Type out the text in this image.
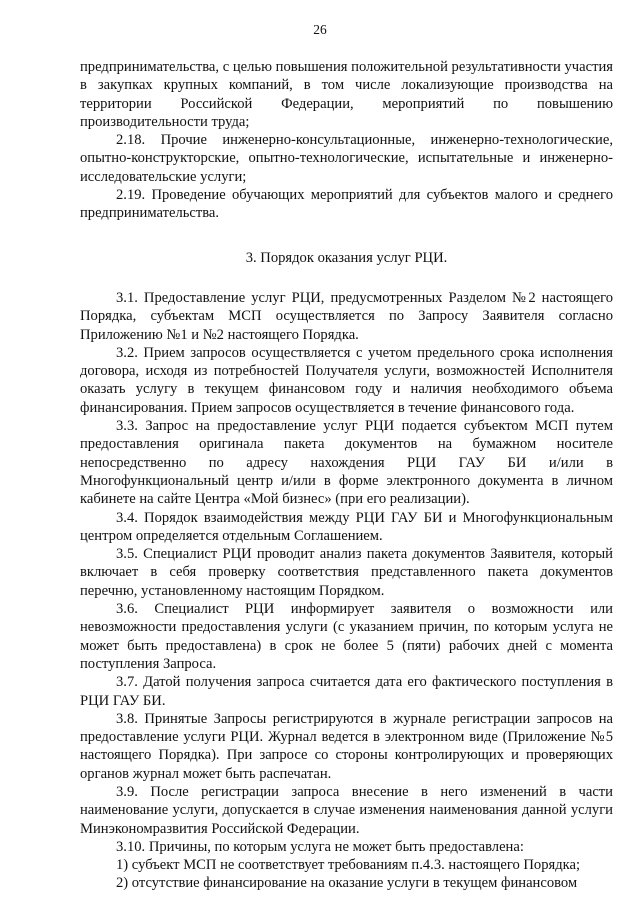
26

предпринимательства, с целью повышения положительной результативности участия в закупках крупных компаний, в том числе локализующие производства на территории Российской Федерации, мероприятий по повышению производительности труда;

2.18. Прочие инженерно-консультационные, инженерно-технологические, опытно-конструкторские, опытно-технологические, испытательные и инженерно-исследовательские услуги;

2.19. Проведение обучающих мероприятий для субъектов малого и среднего предпринимательства.

3. Порядок оказания услуг РЦИ.

3.1. Предоставление услуг РЦИ, предусмотренных Разделом №2 настоящего Порядка, субъектам МСП осуществляется по Запросу Заявителя согласно Приложению №1 и №2 настоящего Порядка.

3.2. Прием запросов осуществляется с учетом предельного срока исполнения договора, исходя из потребностей Получателя услуги, возможностей Исполнителя оказать услугу в текущем финансовом году и наличия необходимого объема финансирования. Прием запросов осуществляется в течение финансового года.

3.3. Запрос на предоставление услуг РЦИ подается субъектом МСП путем предоставления оригинала пакета документов на бумажном носителе непосредственно по адресу нахождения РЦИ ГАУ БИ и/или в Многофункциональный центр и/или в форме электронного документа в личном кабинете на сайте Центра «Мой бизнес» (при его реализации).

3.4. Порядок взаимодействия между РЦИ ГАУ БИ и Многофункциональным центром определяется отдельным Соглашением.

3.5. Специалист РЦИ проводит анализ пакета документов Заявителя, который включает в себя проверку соответствия представленного пакета документов перечню, установленному настоящим Порядком.

3.6. Специалист РЦИ информирует заявителя о возможности или невозможности предоставления услуги (с указанием причин, по которым услуга не может быть предоставлена) в срок не более 5 (пяти) рабочих дней с момента поступления Запроса.

3.7. Датой получения запроса считается дата его фактического поступления в РЦИ ГАУ БИ.

3.8. Принятые Запросы регистрируются в журнале регистрации запросов на предоставление услуги РЦИ. Журнал ведется в электронном виде (Приложение №5 настоящего Порядка). При запросе со стороны контролирующих и проверяющих органов журнал может быть распечатан.

3.9. После регистрации запроса внесение в него изменений в части наименование услуги, допускается в случае изменения наименования данной услуги Минэкономразвития Российской Федерации.

3.10. Причины, по которым услуга не может быть предоставлена:

1) субъект МСП не соответствует требованиям п.4.3. настоящего Порядка;

2) отсутствие финансирование на оказание услуги в текущем финансовом
